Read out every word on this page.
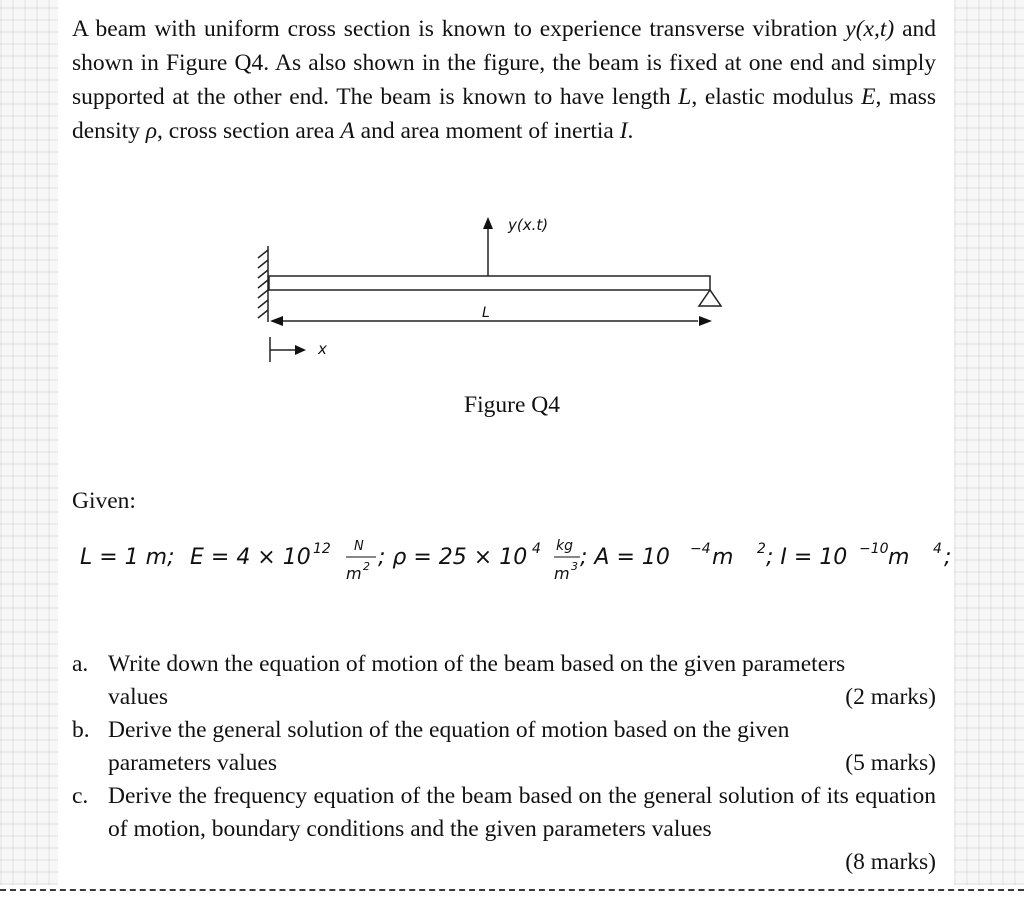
A beam with uniform cross section is known to experience transverse vibration y(x,t) and shown in Figure Q4. As also shown in the figure, the beam is fixed at one end and simply supported at the other end. The beam is known to have length L, elastic modulus E, mass density ρ, cross section area A and area moment of inertia I.

y(x.t)
L
x
Figure Q4
Given:
L = 1 m; E = 4 × 10 12 N
m 2 ; ρ = 25 × 10 4 kg
m 3 ; A = 10 −4 m 2 ; I = 10 −10 m 4 ;
a. Write down the equation of motion of the beam based on the given parameters
values	(2 marks)
b. Derive the general solution of the equation of motion based on the given
parameters values	(5 marks)
c. Derive the frequency equation of the beam based on the general solution of its equation of motion, boundary conditions and the given parameters values
(8 marks)
